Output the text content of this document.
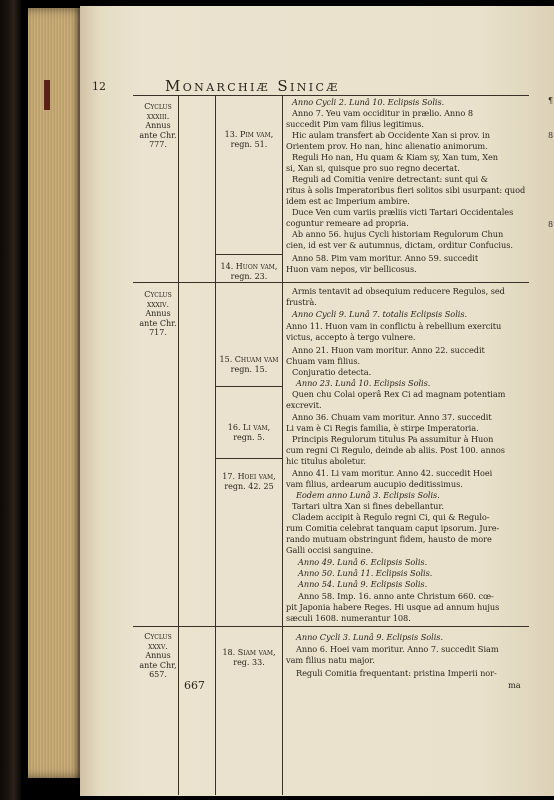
12	Monarchiæ Sinicæ
Cyclus
xxxiii.
Annus
ante Chr.
777.
Cyclus
xxxiv.
Annus
ante Chr.
717.
Cyclus
xxxv.
Annus
ante Chr,
657.
13. Pim vam,
regn. 51.
14. Huon vam,
regn. 23.
15. Chuam vam
regn. 15.
16. Li vam,
regn. 5.
17. Hoei vam,
regn. 42. 25
18. Siam vam,
reg. 33.
¶
8
8
Anno Cycli 2. Lunâ 10. Eclipsis Solis.
Anno 7. Yeu vam occiditur in prælio. Anno 8
succedit Pim vam filius legitimus.
Hic aulam transfert ab Occidente Xan si prov. in
Orientem prov. Ho nan, hinc alienatio animorum.
Reguli Ho nan, Hu quam & Kiam sy, Xan tum, Xen
si, Xan si, quisque pro suo regno decertat.
Reguli ad Comitia venire detrectant: sunt qui &
ritus à solis Imperatoribus fieri solitos sibi usurpant: quod
idem est ac Imperium ambire.
Duce Ven cum variis præliis victi Tartari Occidentales
coguntur remeare ad propria.
Ab anno 56. hujus Cycli historiam Regulorum Chun
cien, id est ver & autumnus, dictam, orditur Confucius.
Anno 58. Pim vam moritur. Anno 59. succedit
Huon vam nepos, vir bellicosus.
Armis tentavit ad obsequium reducere Regulos, sed
frustrà.
Anno Cycli 9. Lunâ 7. totalis Eclipsis Solis.
Anno 11. Huon vam in conflictu à rebellium exercitu
victus, accepto à tergo vulnere.
Anno 21. Huon vam moritur. Anno 22. succedit
Chuam vam filius.
Conjuratio detecta.
Anno 23. Lunâ 10. Eclipsis Solis.
Quen chu Colai operâ Rex Ci ad magnam potentiam
excrevit.
Anno 36. Chuam vam moritur. Anno 37. succedit
Li vam è Ci Regis familia, è stirpe Imperatoria.
Principis Regulorum titulus Pa assumitur à Huon
cum regni Ci Regulo, deinde ab aliis. Post 100. annos
hic titulus aboletur.
Anno 41. Li vam moritur. Anno 42. succedit Hoei
vam filius, ardearum aucupio deditissimus.
Eodem anno Lunâ 3. Eclipsis Solis.
Tartari ultra Xan si fines debellantur.
Cladem accipit à Regulo regni Ci, qui & Regulo-
rum Comitia celebrat tanquam caput ipsorum. Jure-
rando mutuam obstringunt fidem, hausto de more
Galli occisi sanguine.
Anno 49. Lunâ 6. Eclipsis Solis.
Anno 50. Lunâ 11. Eclipsis Solis.
Anno 54. Lunâ 9. Eclipsis Solis.
Anno 58. Imp. 16. anno ante Christum 660. cœ-
pit Japonia habere Reges. Hi usque ad annum hujus
sæculi 1608. numerantur 108.
Anno Cycli 3. Lunâ 9. Eclipsis Solis.
Anno 6. Hoei vam moritur. Anno 7. succedit Siam
vam filius natu major.
Reguli Comitia frequentant: pristina Imperii nor-
ma
667
